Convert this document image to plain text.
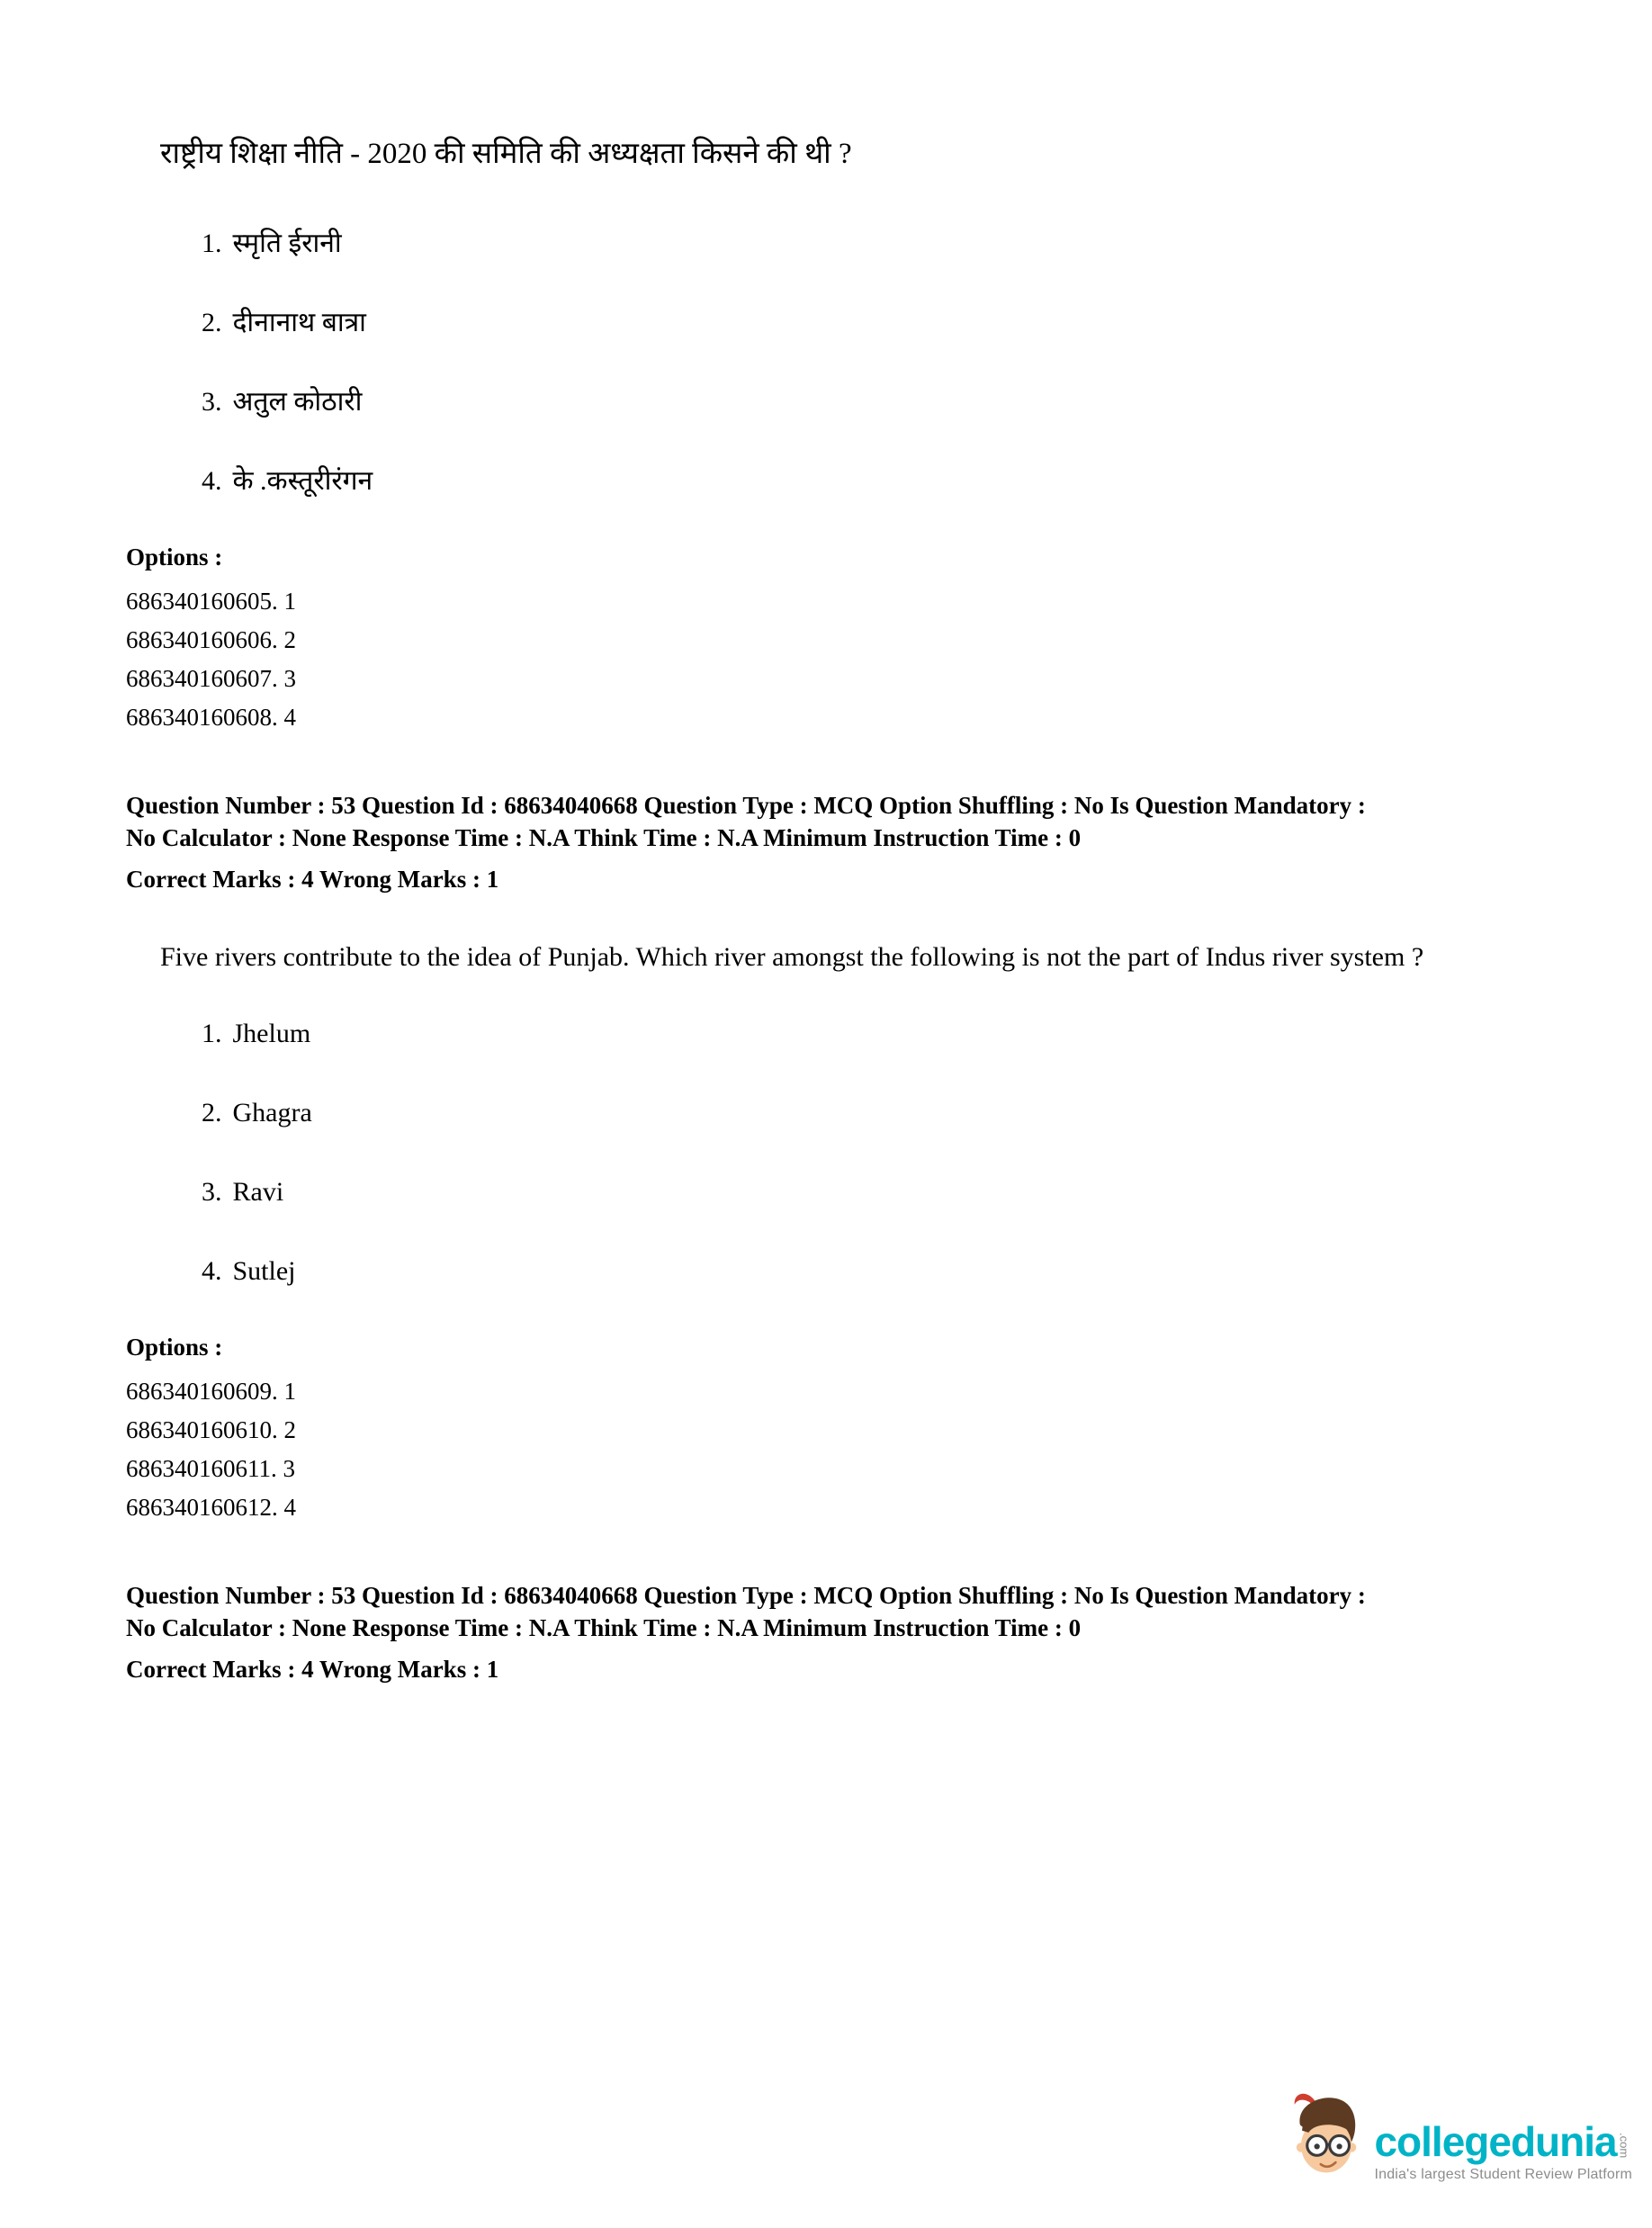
राष्ट्रीय शिक्षा नीति - 2020 की समिति की अध्यक्षता किसने की थी ?

1. स्मृति ईरानी
2. दीनानाथ बात्रा
3. अतुल कोठारी
4. के .कस्तूरीरंगन
Options :
686340160605. 1
686340160606. 2
686340160607. 3
686340160608. 4
Question Number : 53 Question Id : 68634040668 Question Type : MCQ Option Shuffling : No Is Question Mandatory :
No Calculator : None Response Time : N.A Think Time : N.A Minimum Instruction Time : 0
Correct Marks : 4 Wrong Marks : 1

Five rivers contribute to the idea of Punjab. Which river amongst the following is not the part of Indus river system ?

1. Jhelum
2. Ghagra
3. Ravi
4. Sutlej
Options :
686340160609. 1
686340160610. 2
686340160611. 3
686340160612. 4
Question Number : 53 Question Id : 68634040668 Question Type : MCQ Option Shuffling : No Is Question Mandatory :
No Calculator : None Response Time : N.A Think Time : N.A Minimum Instruction Time : 0
Correct Marks : 4 Wrong Marks : 1
collegedunia .com
India's largest Student Review Platform
